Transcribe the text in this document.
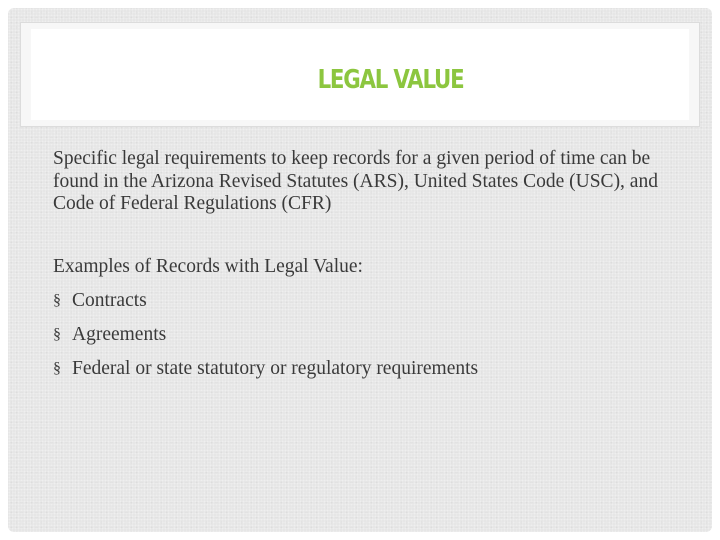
LEGAL VALUE

Specific legal requirements to keep records for a given period of time can be found in the Arizona Revised Statutes (ARS), United States Code (USC), and Code of Federal Regulations (CFR)

Examples of Records with Legal Value:

§ Contracts
§ Agreements
§ Federal or state statutory or regulatory requirements
